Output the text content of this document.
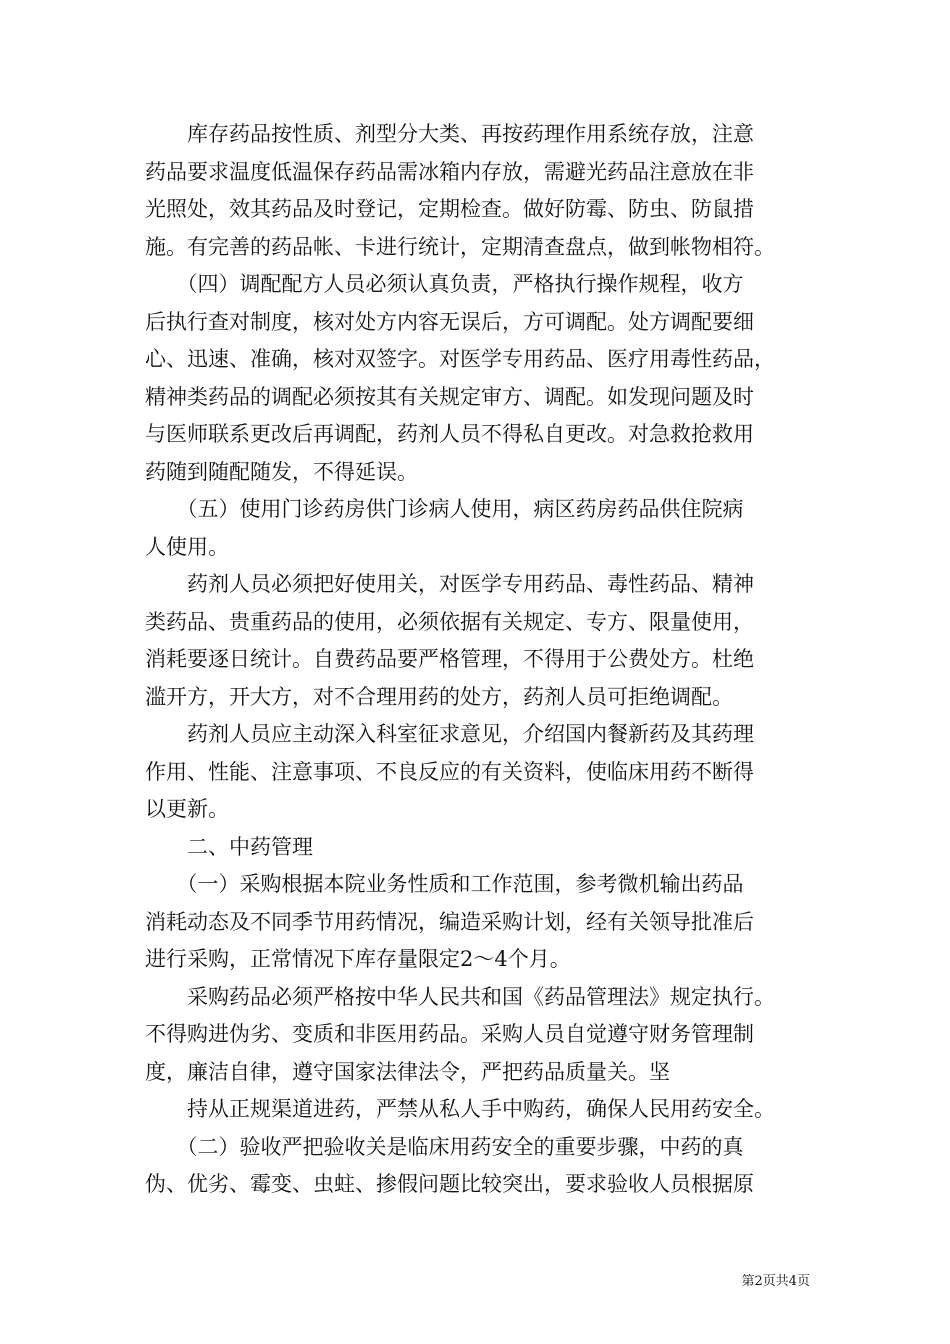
　　库存药品按性质、剂型分大类、再按药理作用系统存放，注意
药品要求温度低温保存药品需冰箱内存放，需避光药品注意放在非
光照处，效其药品及时登记，定期检查。做好防霉、防虫、防鼠措
施。有完善的药品帐、卡进行统计，定期清查盘点，做到帐物相符。
　　（四）调配配方人员必须认真负责，严格执行操作规程，收方
后执行查对制度，核对处方内容无误后，方可调配。处方调配要细
心、迅速、准确，核对双签字。对医学专用药品、医疗用毒性药品，
精神类药品的调配必须按其有关规定审方、调配。如发现问题及时
与医师联系更改后再调配，药剂人员不得私自更改。对急救抢救用
药随到随配随发，不得延误。
　　（五）使用门诊药房供门诊病人使用，病区药房药品供住院病
人使用。
　　药剂人员必须把好使用关，对医学专用药品、毒性药品、精神
类药品、贵重药品的使用，必须依据有关规定、专方、限量使用，
消耗要逐日统计。自费药品要严格管理，不得用于公费处方。杜绝
滥开方，开大方，对不合理用药的处方，药剂人员可拒绝调配。
　　药剂人员应主动深入科室征求意见，介绍国内餐新药及其药理
作用、性能、注意事项、不良反应的有关资料，使临床用药不断得
以更新。
　　二、中药管理
　　（一）采购根据本院业务性质和工作范围，参考微机输出药品
消耗动态及不同季节用药情况，编造采购计划，经有关领导批准后
进行采购，正常情况下库存量限定2～4个月。
　　采购药品必须严格按中华人民共和国《药品管理法》规定执行。
不得购进伪劣、变质和非医用药品。采购人员自觉遵守财务管理制
度，廉洁自律，遵守国家法律法令，严把药品质量关。坚
　　持从正规渠道进药，严禁从私人手中购药，确保人民用药安全。
　　（二）验收严把验收关是临床用药安全的重要步骤，中药的真
伪、优劣、霉变、虫蛀、掺假问题比较突出，要求验收人员根据原
第2页共4页
